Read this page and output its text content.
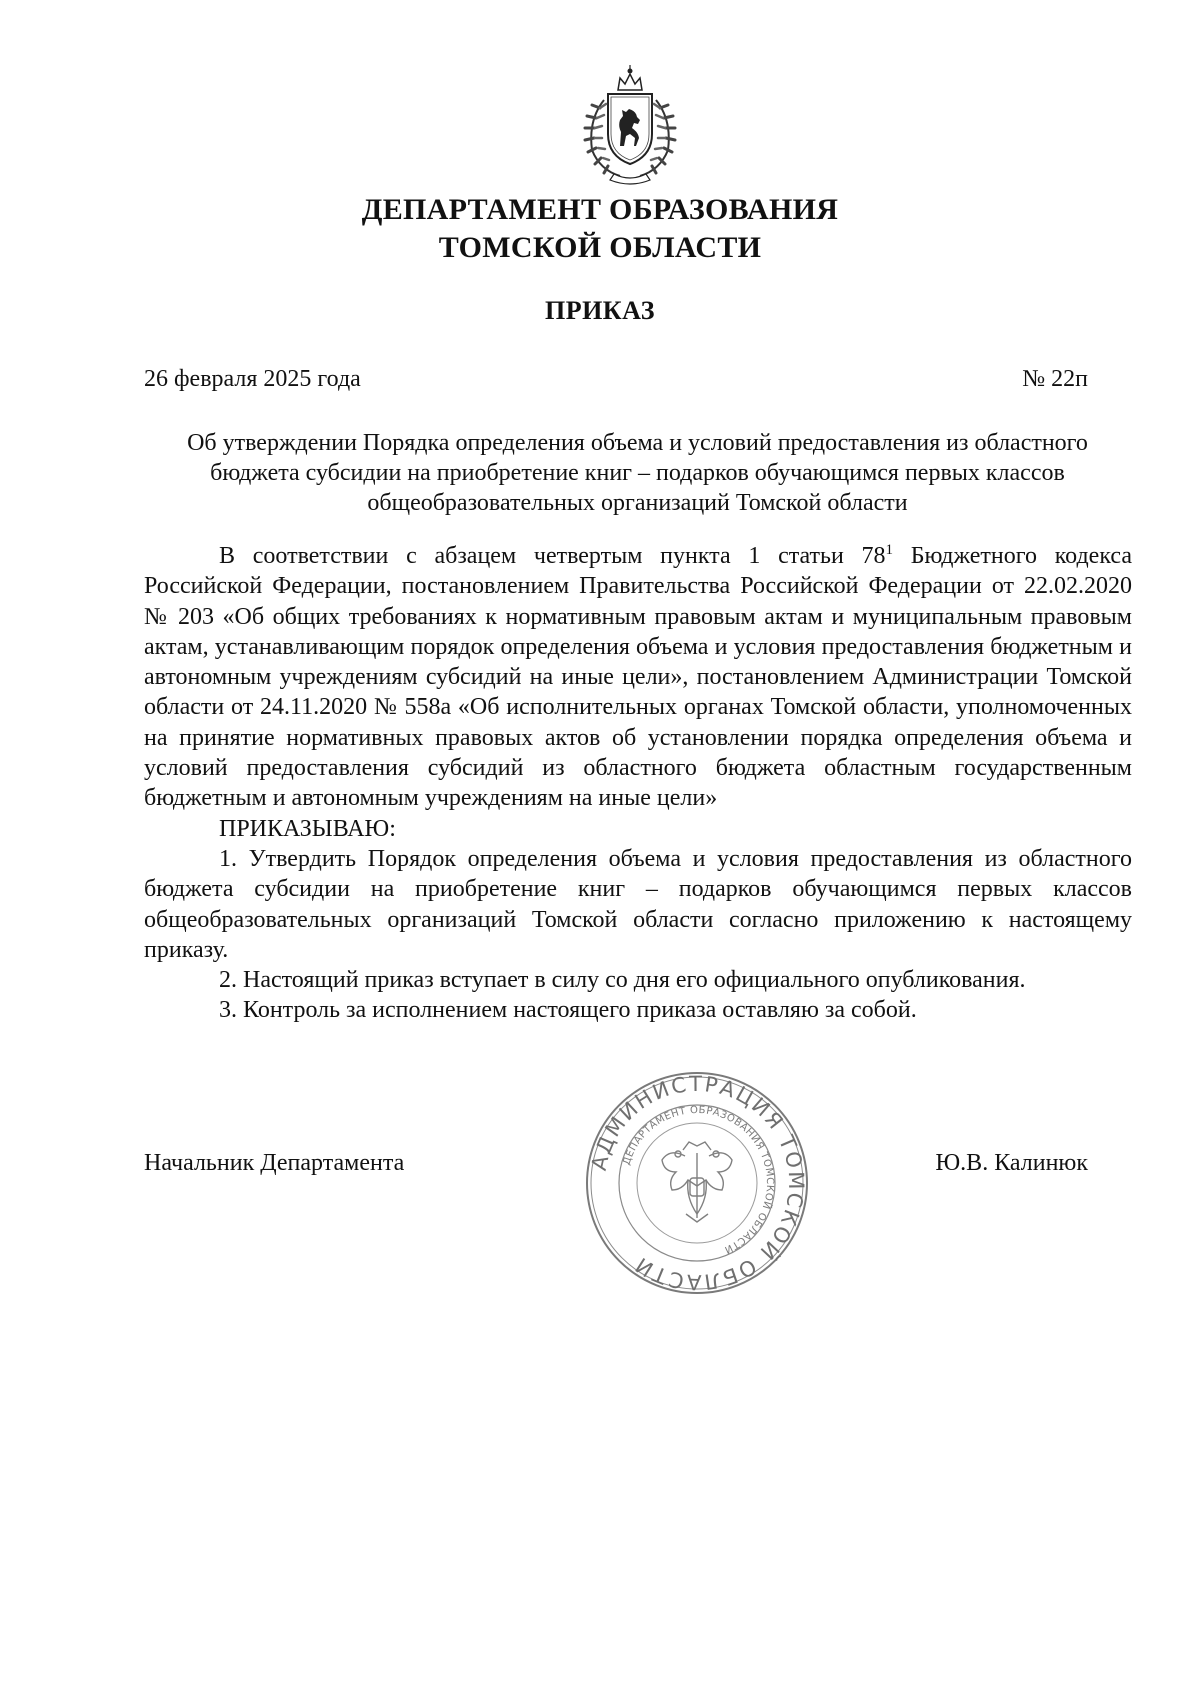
ДЕПАРТАМЕНТ ОБРАЗОВАНИЯ
ТОМСКОЙ ОБЛАСТИ
ПРИКАЗ
26 февраля 2025 года	№ 22п
Об утверждении Порядка определения объема и условий предоставления из областного бюджета субсидии на приобретение книг – подарков обучающимся первых классов общеобразовательных организаций Томской области

В соответствии с абзацем четвертым пункта 1 статьи $78^1$ Бюджетного кодекса Российской Федерации, постановлением Правительства Российской Федерации от 22.02.2020 № 203 «Об общих требованиях к нормативным правовым актам и муниципальным правовым актам, устанавливающим порядок определения объема и условия предоставления бюджетным и автономным учреждениям субсидий на иные цели», постановлением Администрации Томской области от 24.11.2020 № 558а «Об исполнительных органах Томской области, уполномоченных на принятие нормативных правовых актов об установлении порядка определения объема и условий предоставления субсидий из областного бюджета областным государственным бюджетным и автономным учреждениям на иные цели»

ПРИКАЗЫВАЮ:

1. Утвердить Порядок определения объема и условия предоставления из областного бюджета субсидии на приобретение книг – подарков обучающимся первых классов общеобразовательных организаций Томской области согласно приложению к настоящему приказу.

2. Настоящий приказ вступает в силу со дня его официального опубликования.

3. Контроль за исполнением настоящего приказа оставляю за собой.

Начальник Департамента	Ю.В. Калинюк
АДМИНИСТРАЦИЯ ТОМСКОЙ ОБЛАСТИ
ДЕПАРТАМЕНТ ОБРАЗОВАНИЯ ТОМСКОЙ ОБЛАСТИ
